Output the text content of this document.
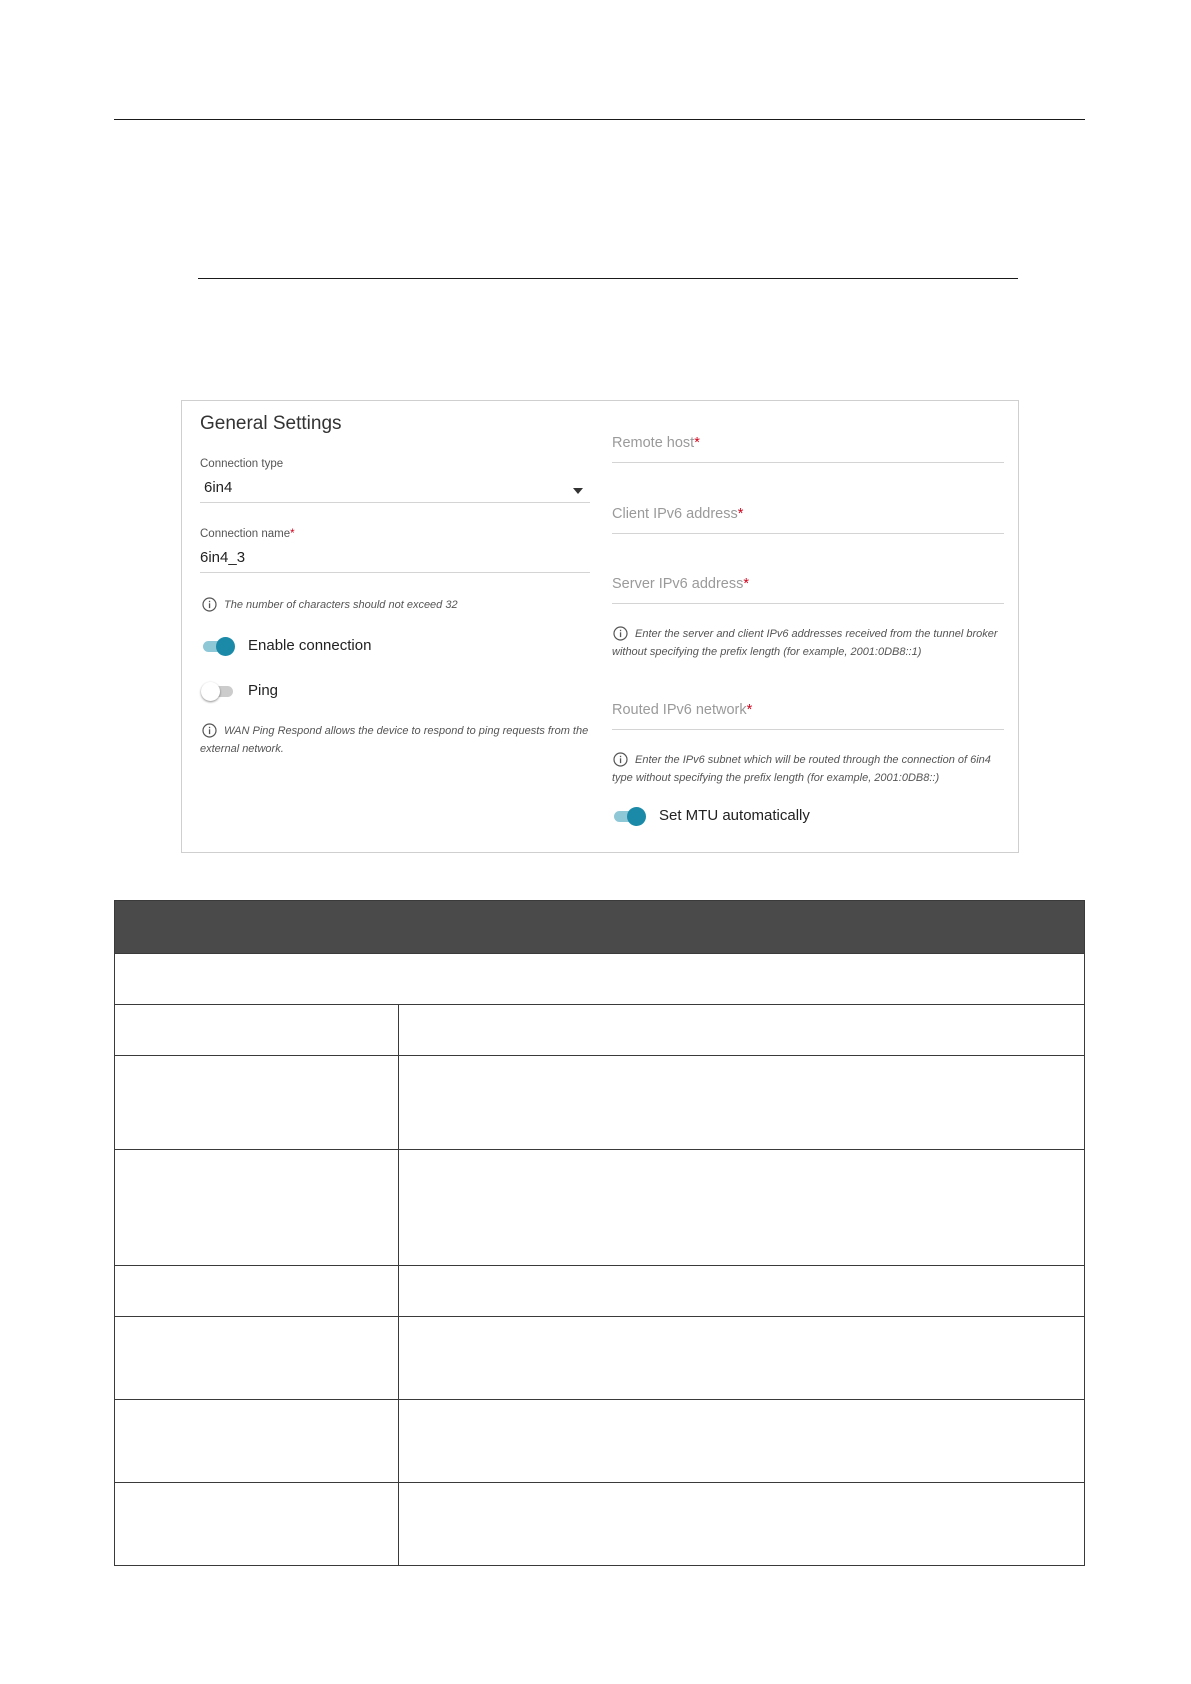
General Settings
Connection type
6in4
Connection name*
6in4_3
The number of characters should not exceed 32
Enable connection
Ping
WAN Ping Respond allows the device to respond to ping requests from the external network.
Remote host*
Client IPv6 address*
Server IPv6 address*
Enter the server and client IPv6 addresses received from the tunnel broker without specifying the prefix length (for example, 2001:0DB8::1)
Routed IPv6 network*
Enter the IPv6 subnet which will be routed through the connection of 6in4 type without specifying the prefix length (for example, 2001:0DB8::)
Set MTU automatically
